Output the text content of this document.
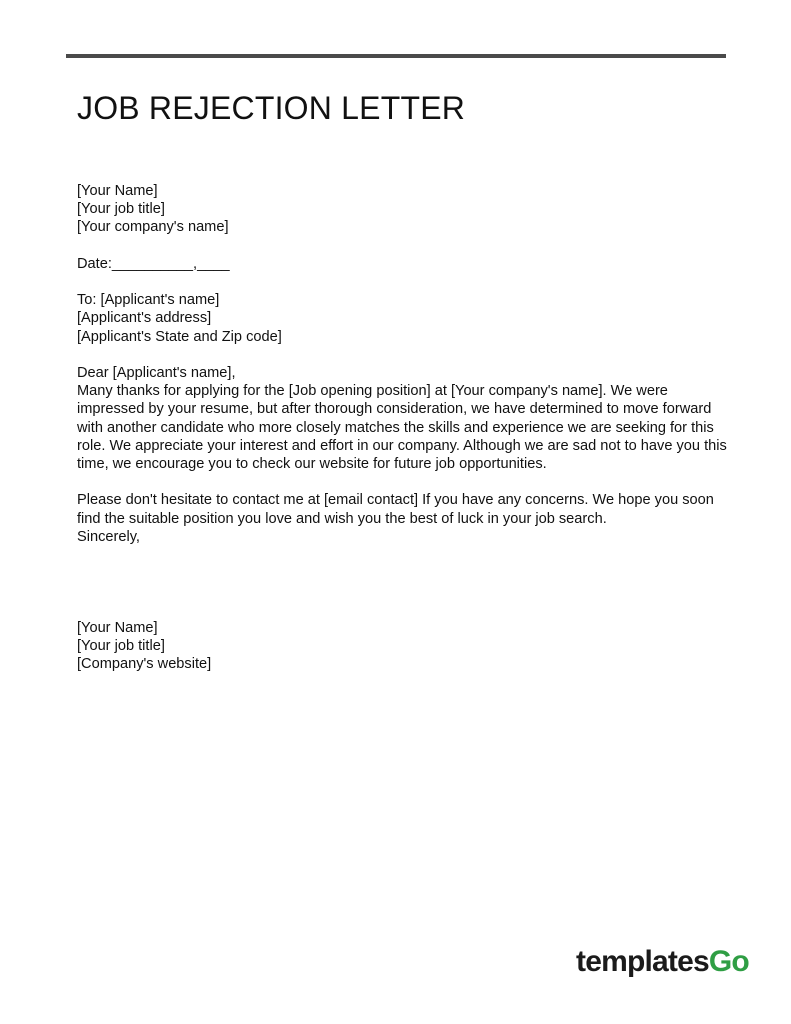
JOB REJECTION LETTER
[Your Name]
[Your job title]
[Your company's name]
Date:__________,____
To: [Applicant's name]
[Applicant's address]
[Applicant's State and Zip code]
Dear [Applicant's name],

Many thanks for applying for the [Job opening position] at [Your company's name]. We were impressed by your resume, but after thorough consideration, we have determined to move forward with another candidate who more closely matches the skills and experience we are seeking for this role. We appreciate your interest and effort in our company. Although we are sad not to have you this time, we encourage you to check our website for future job opportunities.

Please don't hesitate to contact me at [email contact] If you have any concerns. We hope you soon find the suitable position you love and wish you the best of luck in your job search.

Sincerely,
[Your Name]
[Your job title]
[Company's website]
templatesGo
